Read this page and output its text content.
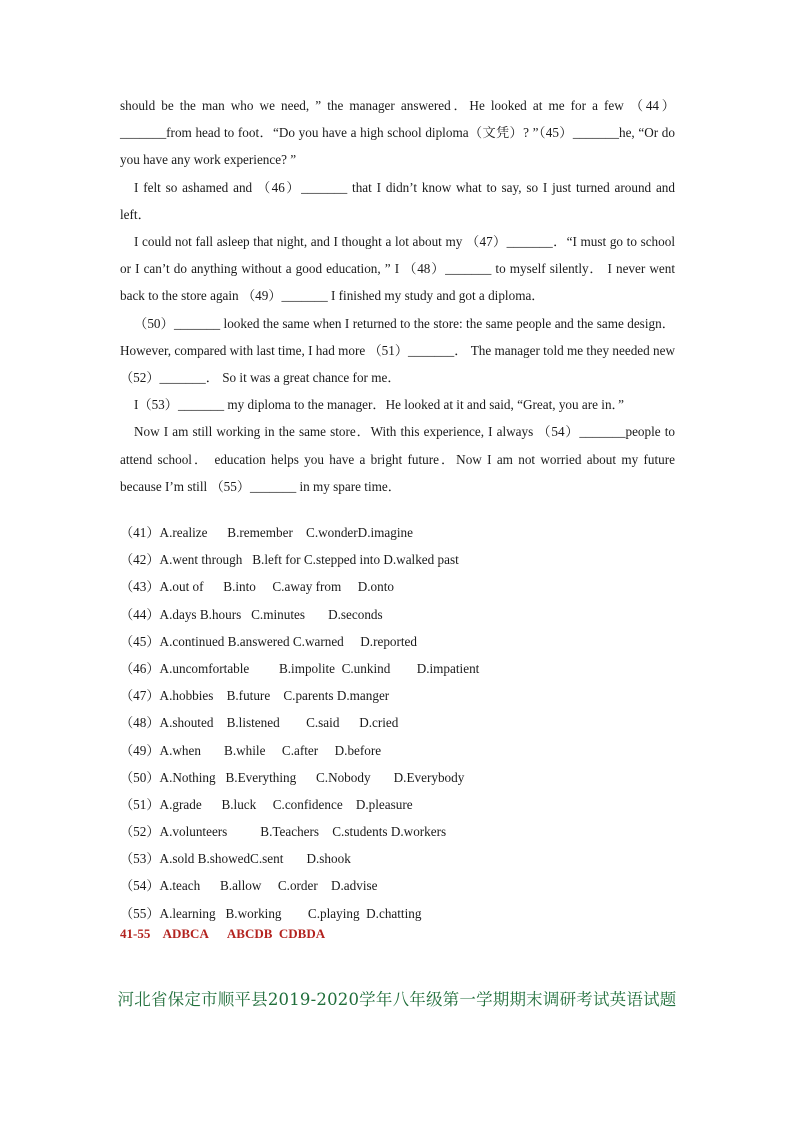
should be the man who we need, ” the manager answered．He looked at me for a few （44）_______from head to foot．“Do you have a high school diploma（文凭）? ”（45）_______he, “Or do you have any work experience? ”

I felt so ashamed and （46）_______ that I didn’t know what to say, so I just turned around and left．

I could not fall asleep that night, and I thought a lot about my （47）_______．“I must go to school or I can’t do anything without a good education, ” I （48）_______ to myself silently． I never went back to the store again （49）_______ I finished my study and got a diploma．

（50）_______ looked the same when I returned to the store: the same people and the same design．However, compared with last time, I had more （51）_______． The manager told me they needed new （52）_______． So it was a great chance for me．

I（53）_______ my diploma to the manager．He looked at it and said, “Great, you are in．”

Now I am still working in the same store．With this experience, I always （54）_______people to attend school． education helps you have a bright future．Now I am not worried about my future because I’m still （55）_______ in my spare time．

（41）A.realize      B.remember    C.wonderD.imagine
（42）A.went through   B.left for C.stepped into D.walked past
（43）A.out of      B.into     C.away from     D.onto
（44）A.days B.hours   C.minutes       D.seconds
（45）A.continued B.answered C.warned     D.reported
（46）A.uncomfortable         B.impolite  C.unkind        D.impatient
（47）A.hobbies    B.future    C.parents D.manger
（48）A.shouted    B.listened        C.said      D.cried
（49）A.when       B.while     C.after     D.before
（50）A.Nothing   B.Everything      C.Nobody       D.Everybody
（51）A.grade      B.luck     C.confidence    D.pleasure
（52）A.volunteers          B.Teachers    C.students D.workers
（53）A.sold B.showedC.sent       D.shook
（54）A.teach      B.allow     C.order    D.advise
（55）A.learning   B.working        C.playing  D.chatting
41-55    ADBCA      ABCDB  CDBDA
河北省保定市顺平县2019-2020学年八年级第一学期期末调研考试英语试题
